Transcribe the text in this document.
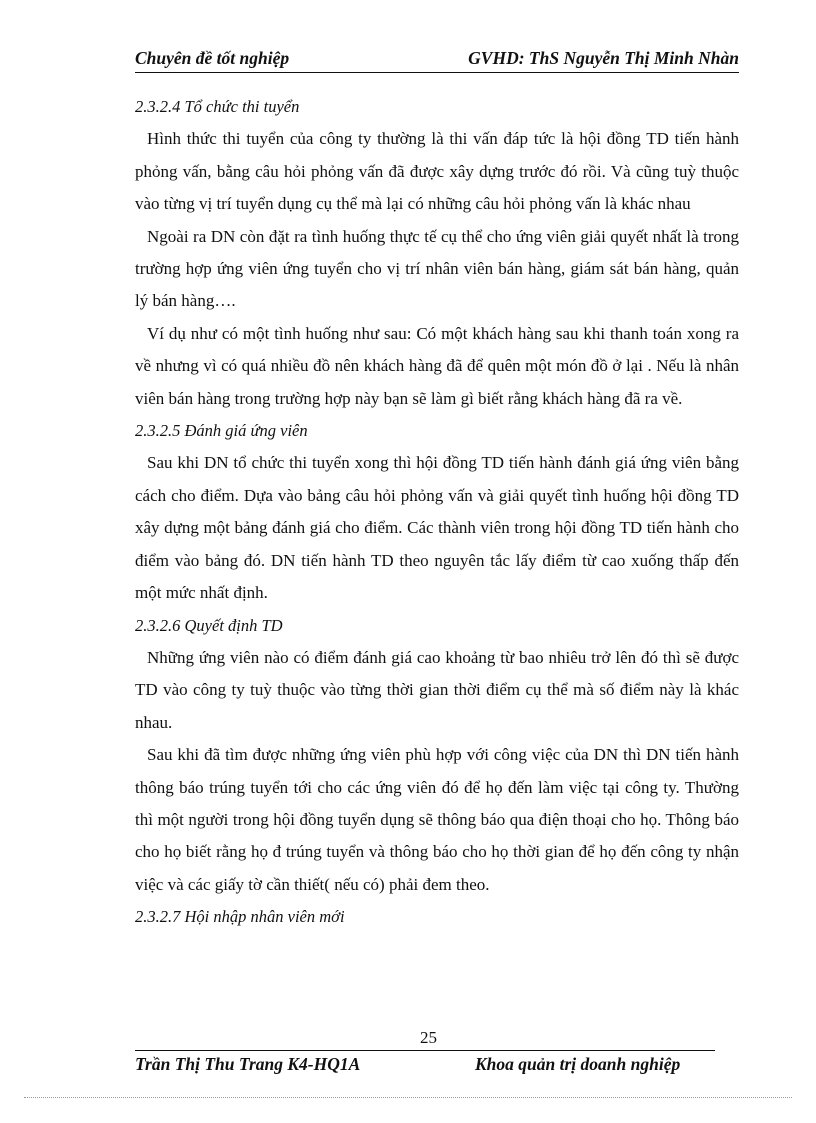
Chuyên đề tốt nghiệp	GVHD: ThS Nguyễn Thị Minh Nhàn
2.3.2.4 Tổ chức thi tuyển
Hình thức thi tuyển của công ty thường là thi vấn đáp tức là hội đồng TD tiến hành phỏng vấn, bằng câu hỏi phỏng vấn đã được xây dựng trước đó rồi. Và cũng tuỳ thuộc vào từng vị trí tuyển dụng cụ thể mà lại có những câu hỏi phỏng vấn là khác nhau
Ngoài ra DN còn đặt ra tình huống thực tế cụ thể cho ứng viên giải quyết nhất là trong trường hợp ứng viên ứng tuyển cho vị trí nhân viên bán hàng, giám sát bán hàng, quản lý bán hàng….
Ví dụ như có một tình huống như sau: Có một khách hàng sau khi thanh toán xong ra về nhưng vì có quá nhiều đồ nên khách hàng đã để quên một món đồ ở lại . Nếu là nhân viên bán hàng trong trường hợp này bạn sẽ làm gì biết rằng khách hàng đã ra về.
2.3.2.5 Đánh giá ứng viên
Sau khi DN tổ chức thi tuyển xong thì hội đồng TD tiến hành đánh giá ứng viên bằng cách cho điểm. Dựa vào bảng câu hỏi phỏng vấn và giải quyết tình huống hội đồng TD xây dựng một bảng đánh giá cho điểm. Các thành viên trong hội đồng TD tiến hành cho điểm vào bảng đó. DN tiến hành TD theo nguyên tắc lấy điểm từ cao xuống thấp đến một mức nhất định.
2.3.2.6 Quyết định TD
Những ứng viên nào có điểm đánh giá cao khoảng từ bao nhiêu trở lên đó thì sẽ được TD vào công ty tuỳ thuộc vào từng thời gian thời điểm cụ thể mà số điểm này là khác nhau.
Sau khi đã tìm được những ứng viên phù hợp với công việc của DN thì DN tiến hành thông báo trúng tuyển tới cho các ứng viên đó để họ đến làm việc tại công ty. Thường thì một người trong hội đồng tuyển dụng sẽ thông báo qua điện thoại cho họ. Thông báo cho họ biết rằng họ đ trúng tuyển và thông báo cho họ thời gian để họ đến công ty nhận việc và các giấy tờ cần thiết( nếu có) phải đem theo.
2.3.2.7 Hội nhập nhân viên mới
25
Trần Thị Thu Trang K4-HQ1A	Khoa quản trị doanh nghiệp
